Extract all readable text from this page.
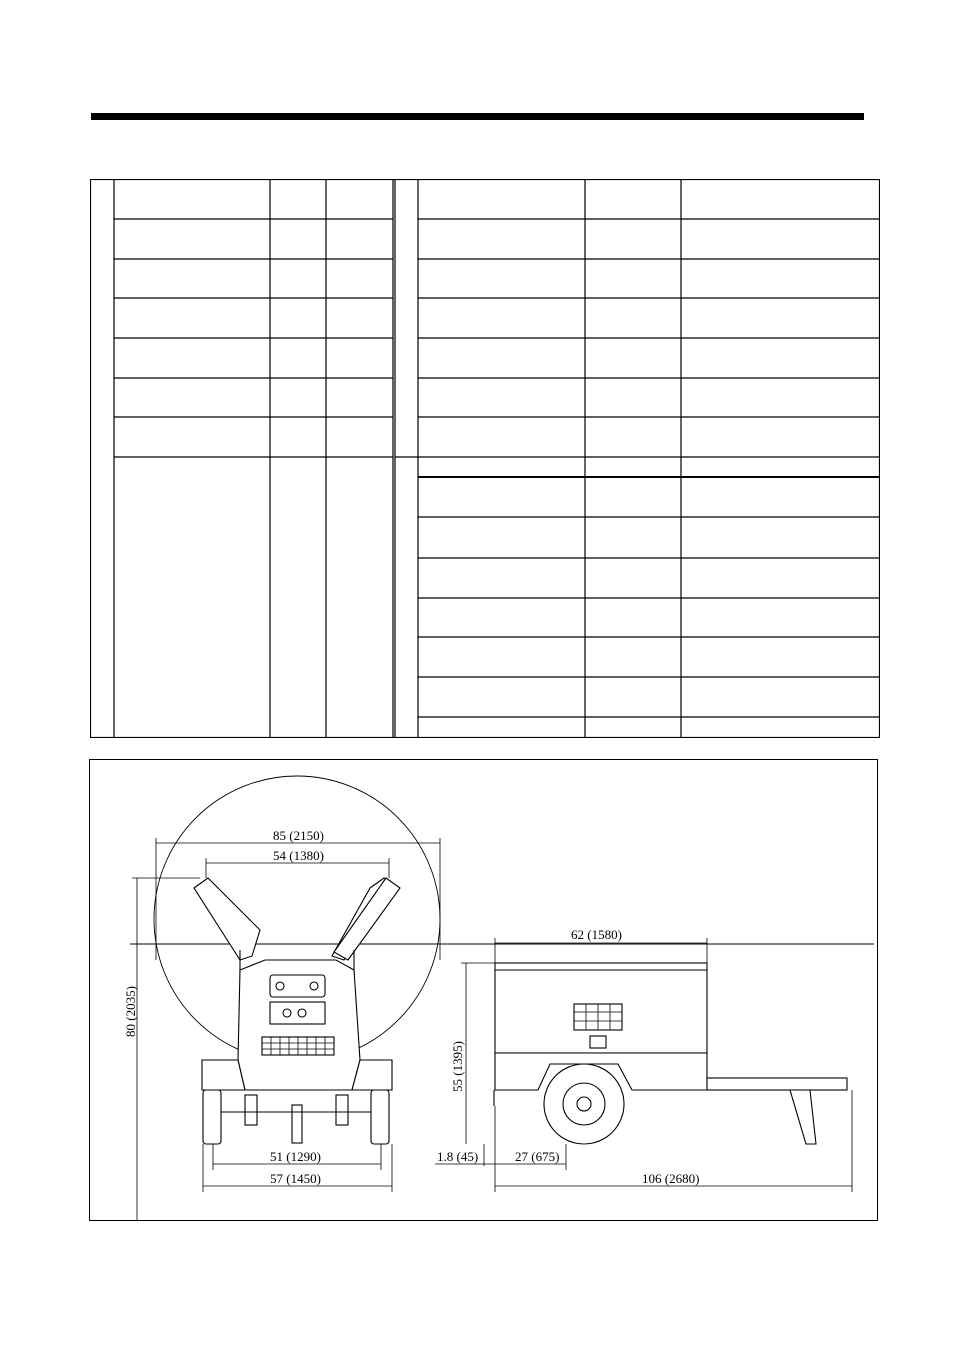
85 (2150)
54 (1380)
80 (2035)
51 (1290)
57 (1450)
62 (1580)
55 (1395)
1.8 (45)	27 (675)
106 (2680)
